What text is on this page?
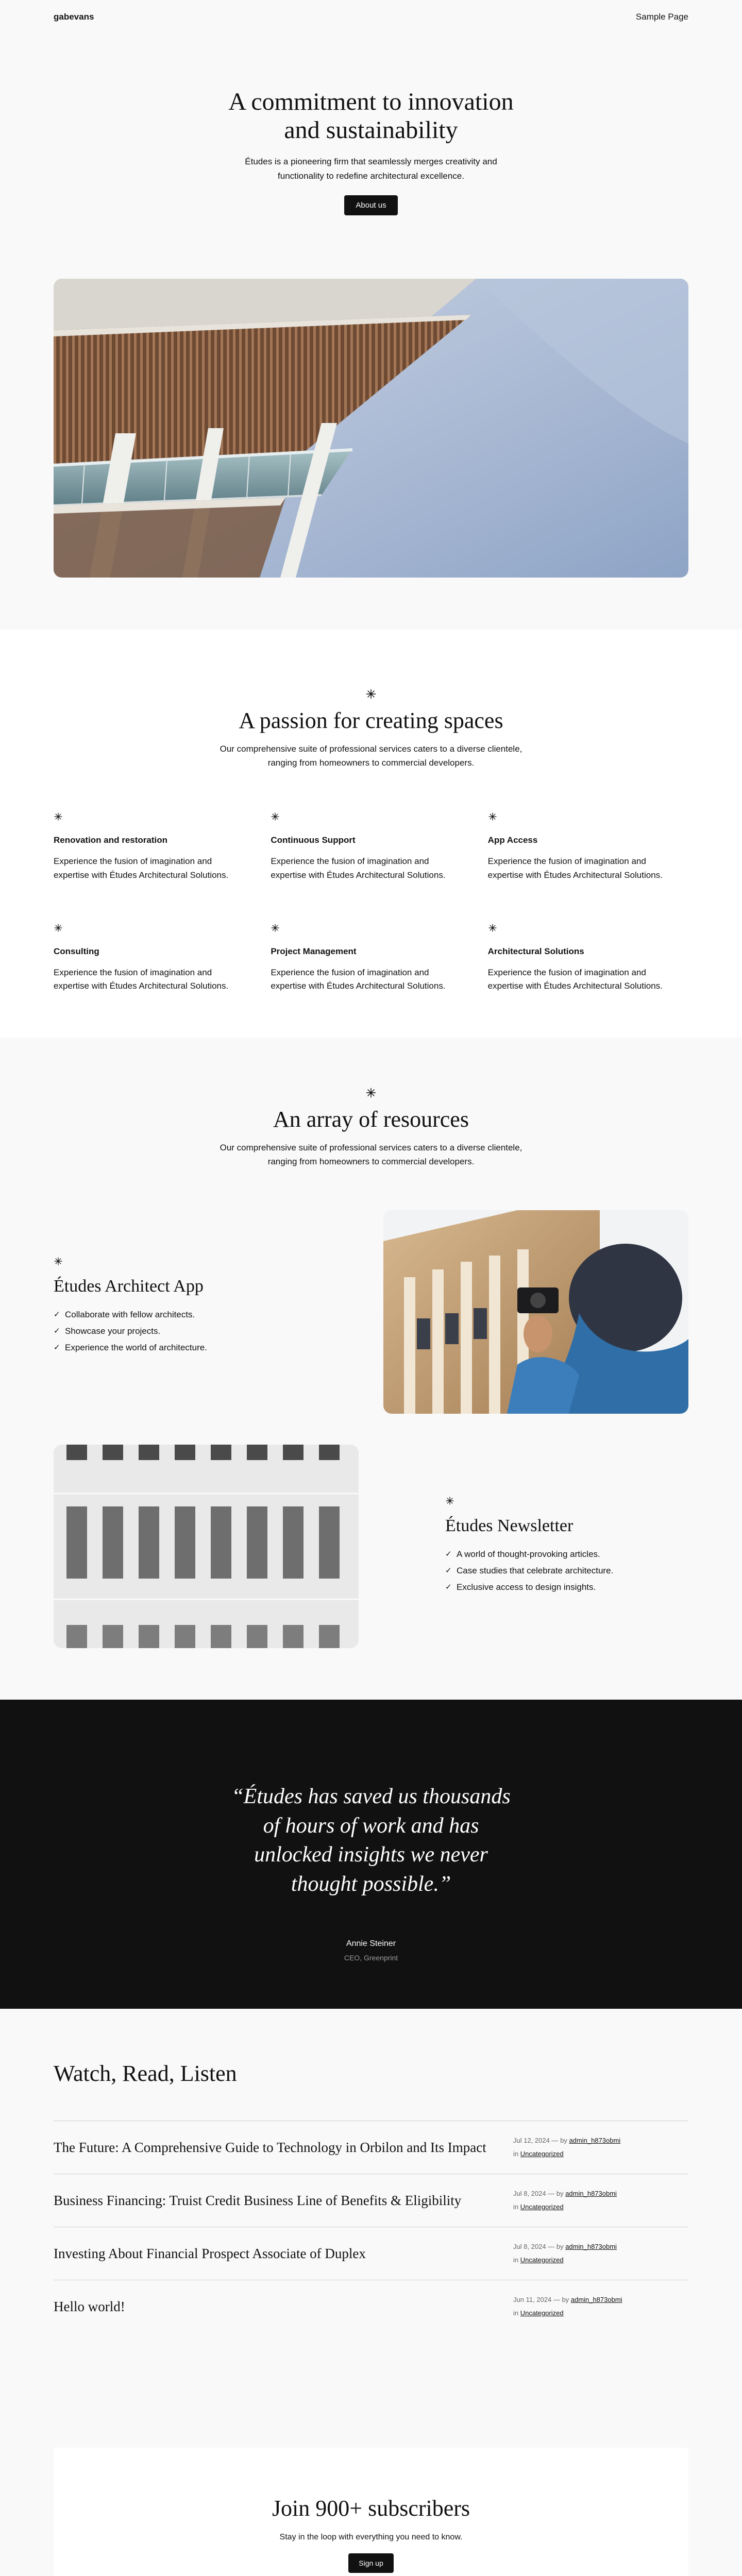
gabevans	Sample Page
A commitment to innovation and sustainability

Études is a pioneering firm that seamlessly merges creativity and functionality to redefine architectural excellence.

About us
A passion for creating spaces

Our comprehensive suite of professional services caters to a diverse clientele, ranging from homeowners to commercial developers.

Renovation and restoration

Experience the fusion of imagination and expertise with Études Architectural Solutions.

Continuous Support

Experience the fusion of imagination and expertise with Études Architectural Solutions.

App Access

Experience the fusion of imagination and expertise with Études Architectural Solutions.

Consulting

Experience the fusion of imagination and expertise with Études Architectural Solutions.

Project Management

Experience the fusion of imagination and expertise with Études Architectural Solutions.

Architectural Solutions

Experience the fusion of imagination and expertise with Études Architectural Solutions.

An array of resources

Our comprehensive suite of professional services caters to a diverse clientele, ranging from homeowners to commercial developers.

Études Architect App
✓ Collaborate with fellow architects.
✓ Showcase your projects.
✓ Experience the world of architecture.
Études Newsletter
✓ A world of thought-provoking articles.
✓ Case studies that celebrate architecture.
✓ Exclusive access to design insights.
“Études has saved us thousands of hours of work and has unlocked insights we never thought possible.”
Annie Steiner
CEO, Greenprint
Watch, Read, Listen
The Future: A Comprehensive Guide to Technology in Orbilon and Its Impact	Jul 12, 2024 — by admin_h873obmi
in Uncategorized
Business Financing: Truist Credit Business Line of Benefits & Eligibility	Jul 8, 2024 — by admin_h873obmi
in Uncategorized
Investing About Financial Prospect Associate of Duplex	Jul 8, 2024 — by admin_h873obmi
in Uncategorized
Hello world!	Jun 11, 2024 — by admin_h873obmi
in Uncategorized
Join 900+ subscribers

Stay in the loop with everything you need to know.

Sign up
